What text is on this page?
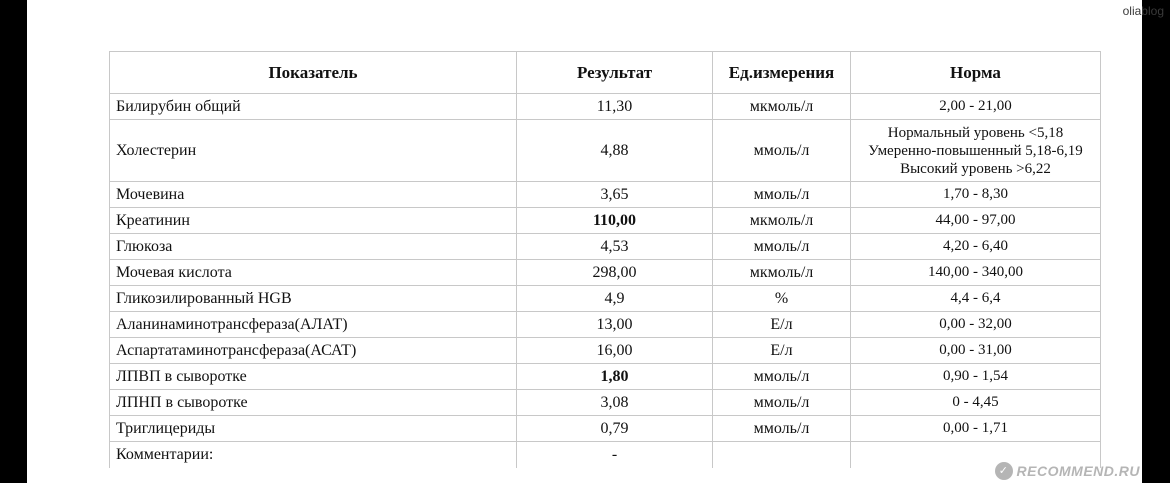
Показатель	Результат	Ед.измерения	Норма
Билирубин общий	11,30	мкмоль/л	2,00 - 21,00
Холестерин	4,88	ммоль/л	Нормальный уровень <5,18
Умеренно-повышенный 5,18-6,19
Высокий уровень >6,22

Мочевина	3,65	ммоль/л	1,70 - 8,30
Креатинин	110,00	мкмоль/л	44,00 - 97,00
Глюкоза	4,53	ммоль/л	4,20 - 6,40
Мочевая кислота	298,00	мкмоль/л	140,00 - 340,00
Гликозилированный HGB	4,9	%	4,4 - 6,4
Аланинаминотрансфераза(АЛАТ)	13,00	Е/л	0,00 - 32,00
Аспартатаминотрансфераза(АСАТ)	16,00	Е/л	0,00 - 31,00
ЛПВП в сыворотке	1,80	ммоль/л	0,90 - 1,54
ЛПНП в сыворотке	3,08	ммоль/л	0 - 4,45
Триглицериды	0,79	ммоль/л	0,00 - 1,71
Комментарии:	-		
oliablog
✓ RECOMMEND.RU
